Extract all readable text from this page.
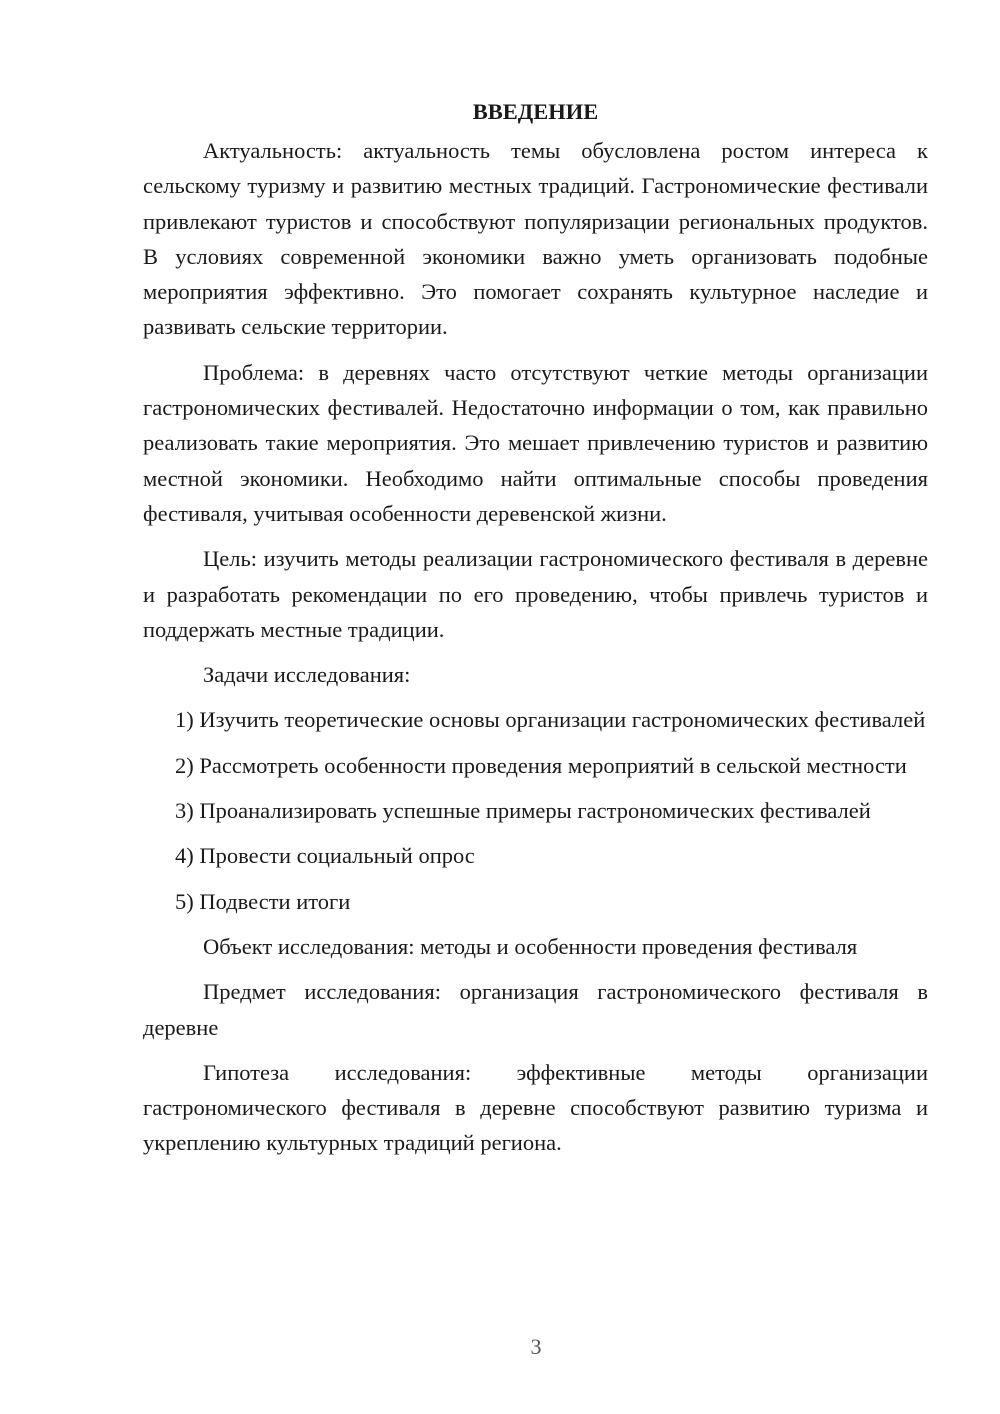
ВВЕДЕНИЕ

Актуальность: актуальность темы обусловлена ростом интереса к сельскому туризму и развитию местных традиций. Гастрономические фестивали привлекают туристов и способствуют популяризации региональных продуктов. В условиях современной экономики важно уметь организовать подобные мероприятия эффективно. Это помогает сохранять культурное наследие и развивать сельские территории.

Проблема: в деревнях часто отсутствуют четкие методы организации гастрономических фестивалей. Недостаточно информации о том, как правильно реализовать такие мероприятия. Это мешает привлечению туристов и развитию местной экономики. Необходимо найти оптимальные способы проведения фестиваля, учитывая особенности деревенской жизни.

Цель: изучить методы реализации гастрономического фестиваля в деревне и разработать рекомендации по его проведению, чтобы привлечь туристов и поддержать местные традиции.

Задачи исследования:

1) Изучить теоретические основы организации гастрономических фестивалей

2) Рассмотреть особенности проведения мероприятий в сельской местности

3) Проанализировать успешные примеры гастрономических фестивалей

4) Провести социальный опрос

5) Подвести итоги

Объект исследования: методы и особенности проведения фестиваля

Предмет исследования: организация гастрономического фестиваля в деревне

Гипотеза исследования: эффективные методы организации гастрономического фестиваля в деревне способствуют развитию туризма и укреплению культурных традиций региона.

3
